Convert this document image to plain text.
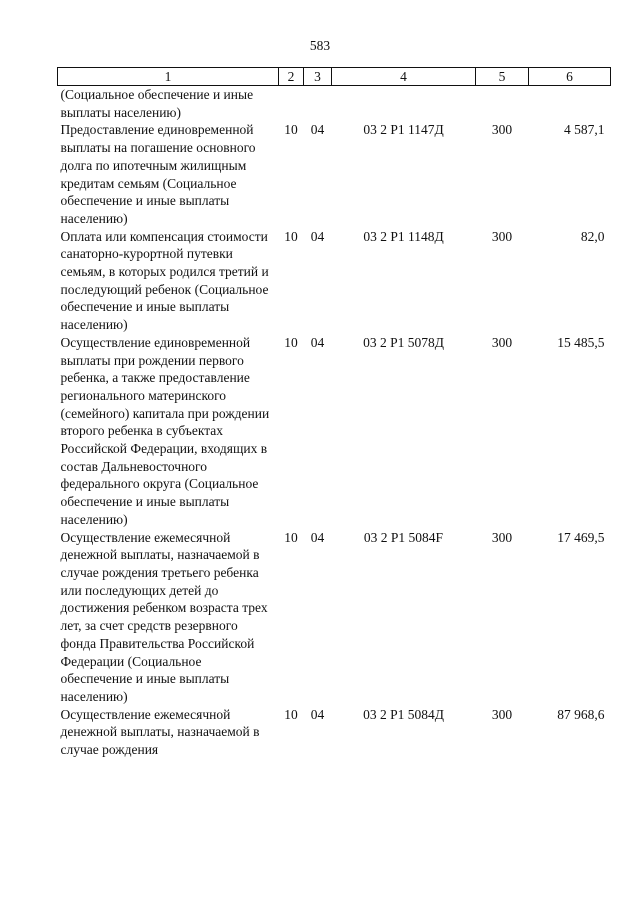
583
1	2	3	4	5	6
(Социальное обеспечение и иные выплаты населению)					
Предоставление единовременной выплаты на погашение основного долга по ипотечным жилищным кредитам семьям (Социальное обеспечение и иные выплаты населению)	10	04	03 2 P1 1147Д	300	4 587,1
Оплата или компенсация стоимости санаторно-курортной путевки семьям, в которых родился третий и последующий ребенок (Социальное обеспечение и иные выплаты населению)	10	04	03 2 P1 1148Д	300	82,0
Осуществление единовременной выплаты при рождении первого ребенка, а также предоставление регионального материнского (семейного) капитала при рождении второго ребенка в субъектах Российской Федерации, входящих в состав Дальневосточного федерального округа (Социальное обеспечение и иные выплаты населению)	10	04	03 2 P1 5078Д	300	15 485,5
Осуществление ежемесячной денежной выплаты, назначаемой в случае рождения третьего ребенка или последующих детей до достижения ребенком возраста трех лет, за счет средств резервного фонда Правительства Российской Федерации (Социальное обеспечение и иные выплаты населению)	10	04	03 2 P1 5084F	300	17 469,5
Осуществление ежемесячной денежной выплаты, назначаемой в случае рождения	10	04	03 2 P1 5084Д	300	87 968,6
